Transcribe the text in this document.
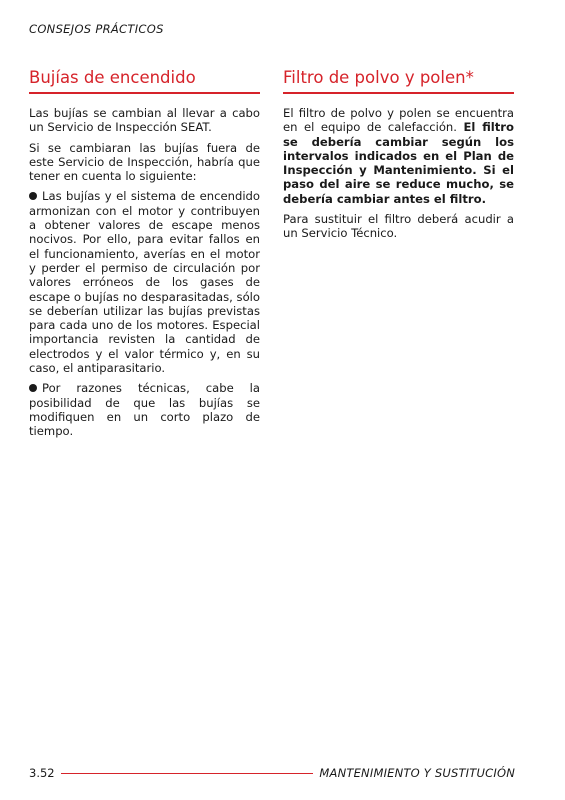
CONSEJOS PRÁCTICOS
Bujías de encendido

Las bujías se cambian al llevar a cabo un Servicio de Inspección SEAT.

Si se cambiaran las bujías fuera de este Servicio de Inspección, habría que tener en cuenta lo siguiente:

Las bujías y el sistema de encendido armonizan con el motor y contribuyen a obtener valores de escape menos nocivos. Por ello, para evitar fallos en el funcionamiento, averías en el motor y perder el permiso de circulación por valores erróneos de los gases de escape o bujías no desparasitadas, sólo se deberían utilizar las bujías previstas para cada uno de los motores. Especial importancia revisten la cantidad de electrodos y el valor térmico y, en su caso, el antiparasitario.

Por razones técnicas, cabe la posibilidad de que las bujías se modifiquen en un corto plazo de tiempo.

Filtro de polvo y polen*

El filtro de polvo y polen se encuentra en el equipo de calefacción. El filtro se debería cambiar según los intervalos indicados en el Plan de Inspección y Mantenimiento. Si el paso del aire se reduce mucho, se debería cambiar antes el filtro.

Para sustituir el filtro deberá acudir a un Servicio Técnico.

3.52	MANTENIMIENTO Y SUSTITUCIÓN
